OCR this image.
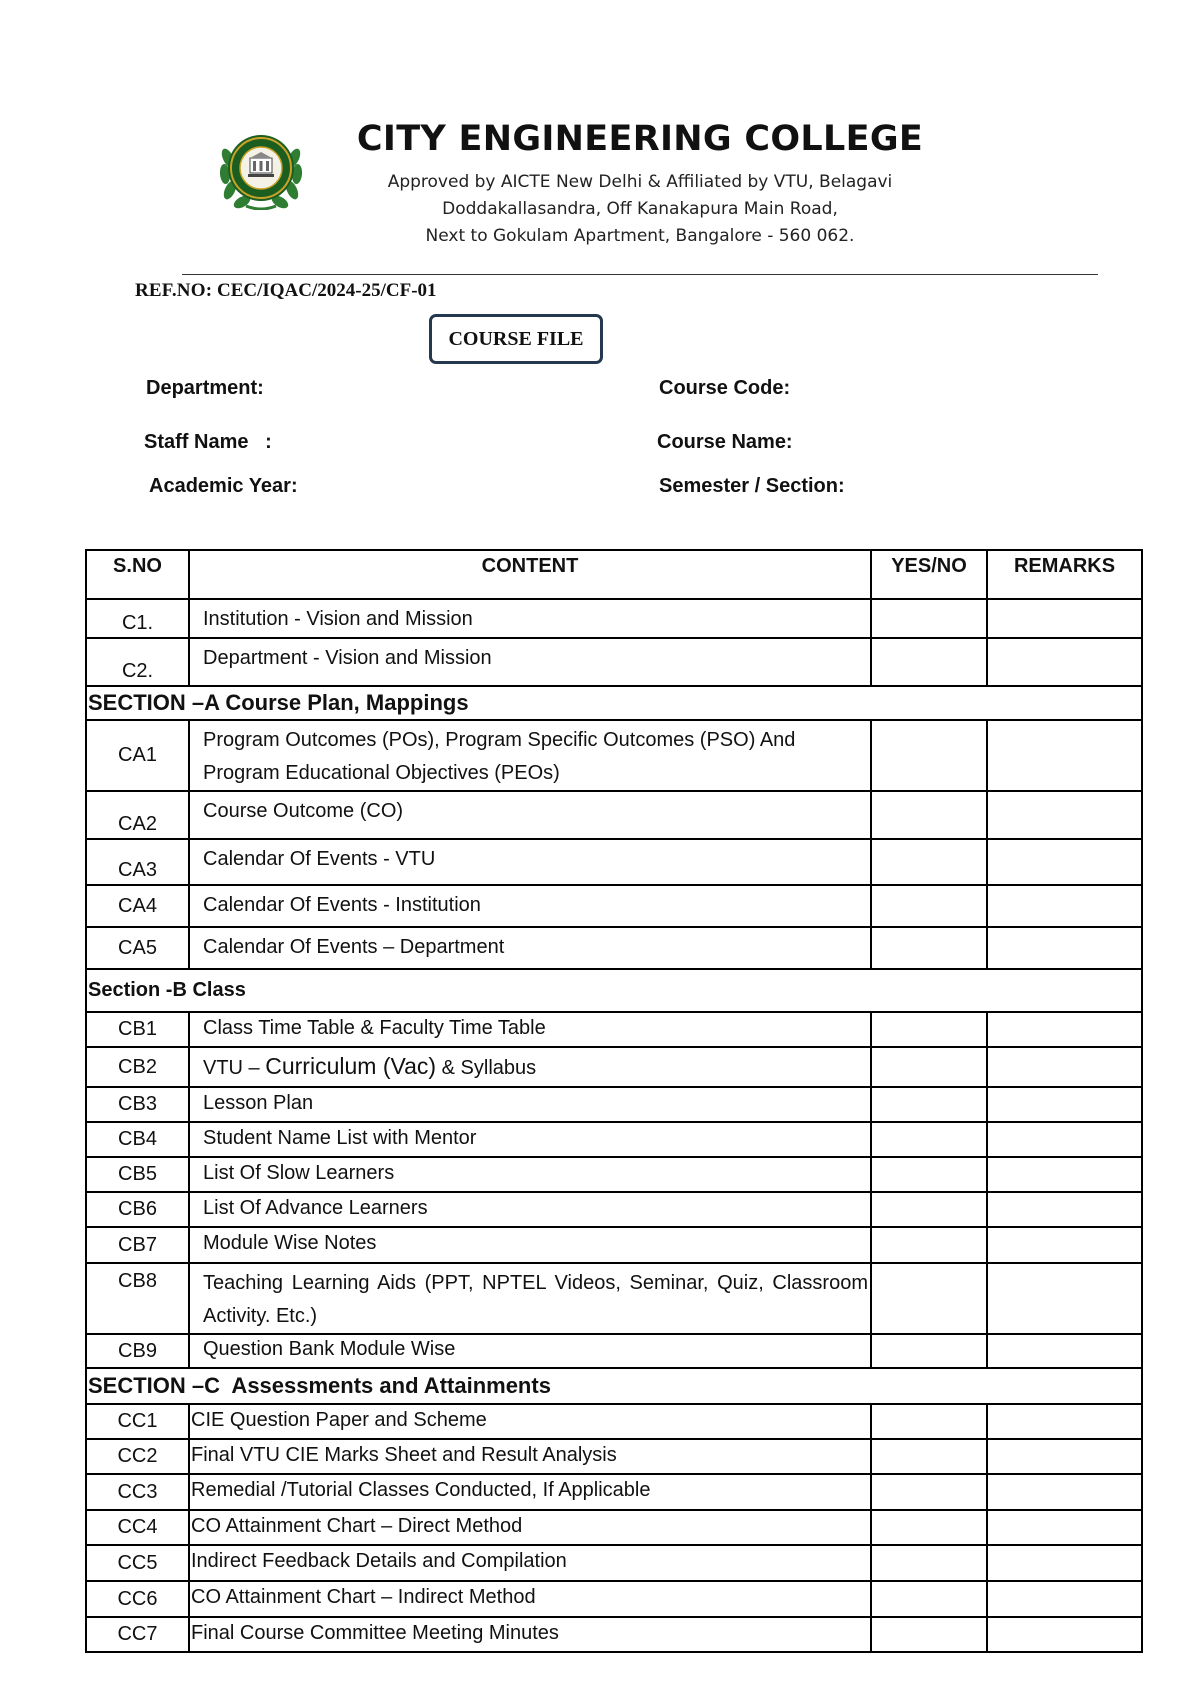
CITY ENGINEERING COLLEGE
Approved by AICTE New Delhi & Affiliated by VTU, Belagavi
Doddakallasandra, Off Kanakapura Main Road,
Next to Gokulam Apartment, Bangalore - 560 062.
REF.NO: CEC/IQAC/2024-25/CF-01
COURSE FILE
Department:	Course Code:
Staff Name   :	Course Name:
Academic Year:	Semester / Section:
S.NO	CONTENT	YES/NO	REMARKS
C1.	Institution - Vision and Mission		
C2.	Department - Vision and Mission		
SECTION –A Course Plan, Mappings			
CA1	Program Outcomes (POs), Program Specific Outcomes (PSO) And Program Educational Objectives (PEOs)		
CA2	Course Outcome (CO)		
CA3	Calendar Of Events - VTU		
CA4	Calendar Of Events - Institution		
CA5	Calendar Of Events – Department		
Section -B Class			
CB1	Class Time Table & Faculty Time Table		
CB2	VTU – Curriculum (Vac) & Syllabus		
CB3	Lesson Plan		
CB4	Student Name List with Mentor		
CB5	List Of Slow Learners		
CB6	List Of Advance Learners		
CB7	Module Wise Notes		
CB8	Teaching Learning Aids (PPT, NPTEL Videos, Seminar, Quiz, Classroom Activity. Etc.)		
CB9	Question Bank Module Wise		
SECTION –C  Assessments and Attainments			
CC1	CIE Question Paper and Scheme		
CC2	Final VTU CIE Marks Sheet and Result Analysis		
CC3	Remedial /Tutorial Classes Conducted, If Applicable		
CC4	CO Attainment Chart – Direct Method		
CC5	Indirect Feedback Details and Compilation		
CC6	CO Attainment Chart – Indirect Method		
CC7	Final Course Committee Meeting Minutes		
